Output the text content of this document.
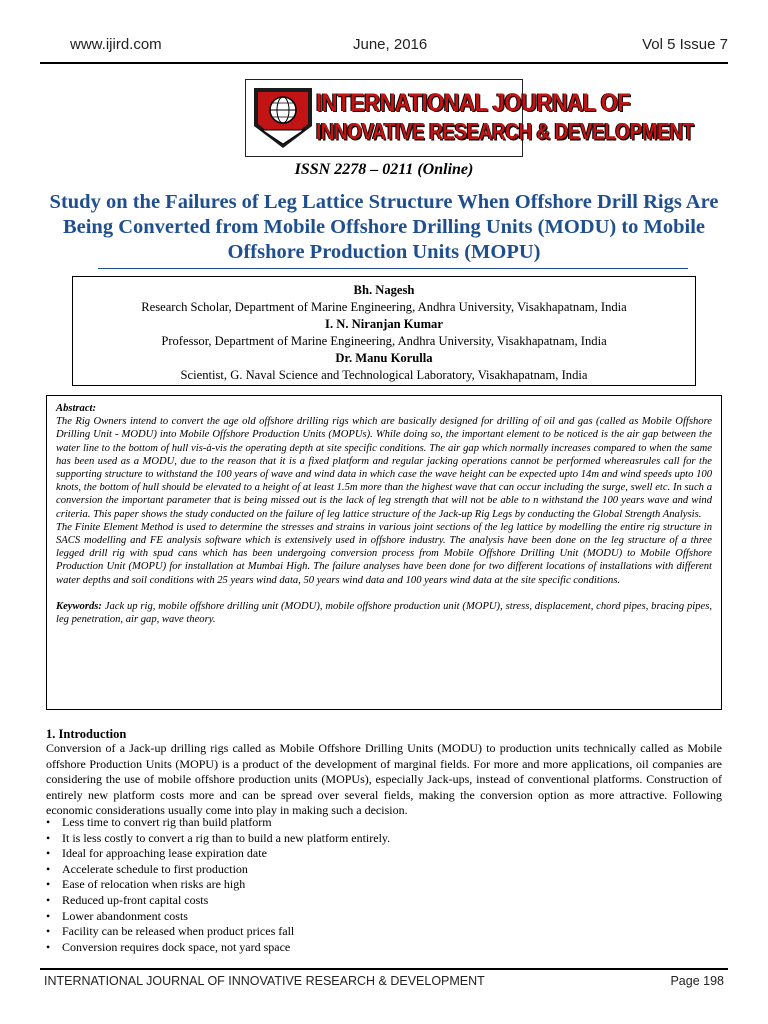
www.ijird.com	June, 2016	Vol 5 Issue 7
INTERNATIONAL JOURNAL OF
INNOVATIVE RESEARCH & DEVELOPMENT
ISSN 2278 – 0211 (Online)
Study on the Failures of Leg Lattice Structure When Offshore Drill Rigs Are Being Converted from Mobile Offshore Drilling Units (MODU) to Mobile Offshore Production Units (MOPU)
Bh. Nagesh
Research Scholar, Department of Marine Engineering, Andhra University, Visakhapatnam, India
I. N. Niranjan Kumar
Professor, Department of Marine Engineering, Andhra University, Visakhapatnam, India
Dr. Manu Korulla
Scientist, G. Naval Science and Technological Laboratory, Visakhapatnam, India
Abstract:

The Rig Owners intend to convert the age old offshore drilling rigs which are basically designed for drilling of oil and gas (called as Mobile Offshore Drilling Unit - MODU) into Mobile Offshore Production Units (MOPUs). While doing so, the important element to be noticed is the air gap between the water line to the bottom of hull vis-à-vis the operating depth at site specific conditions. The air gap which normally increases compared to when the same has been used as a MODU, due to the reason that it is a fixed platform and regular jacking operations cannot be performed whereasrules call for the supporting structure to withstand the 100 years of wave and wind data in which case the wave height can be expected upto 14m and wind speeds upto 100 knots, the bottom of hull should be elevated to a height of at least 1.5m more than the highest wave that can occur including the surge, swell etc. In such a conversion the important parameter that is being missed out is the lack of leg strength that will not be able to n withstand the 100 years wave and wind criteria. This paper shows the study conducted on the failure of leg lattice structure of the Jack-up Rig Legs by conducting the Global Strength Analysis.

The Finite Element Method is used to determine the stresses and strains in various joint sections of the leg lattice by modelling the entire rig structure in SACS modelling and FE analysis software which is extensively used in offshore industry. The analysis have been done on the leg structure of a three legged drill rig with spud cans which has been undergoing conversion process from Mobile Offshore Drilling Unit (MODU) to Mobile Offshore Production Unit (MOPU) for installation at Mumbai High. The failure analyses have been done for two different locations of installations with different water depths and soil conditions with 25 years wind data, 50 years wind data and 100 years wind data at the site specific conditions.

Keywords: Jack up rig, mobile offshore drilling unit (MODU), mobile offshore production unit (MOPU), stress, displacement, chord pipes, bracing pipes, leg penetration, air gap, wave theory.

1. Introduction

Conversion of a Jack-up drilling rigs called as Mobile Offshore Drilling Units (MODU) to production units technically called as Mobile offshore Production Units (MOPU) is a product of the development of marginal fields. For more and more applications, oil companies are considering the use of mobile offshore production units (MOPUs), especially Jack-ups, instead of conventional platforms. Construction of entirely new platform costs more and can be spread over several fields, making the conversion option as more attractive. Following economic considerations usually come into play in making such a decision.

• Less time to convert rig than build platform
• It is less costly to convert a rig than to build a new platform entirely.
• Ideal for approaching lease expiration date
• Accelerate schedule to first production
• Ease of relocation when risks are high
• Reduced up-front capital costs
• Lower abandonment costs
• Facility can be released when product prices fall
• Conversion requires dock space, not yard space
INTERNATIONAL JOURNAL OF INNOVATIVE RESEARCH & DEVELOPMENT	Page 198
